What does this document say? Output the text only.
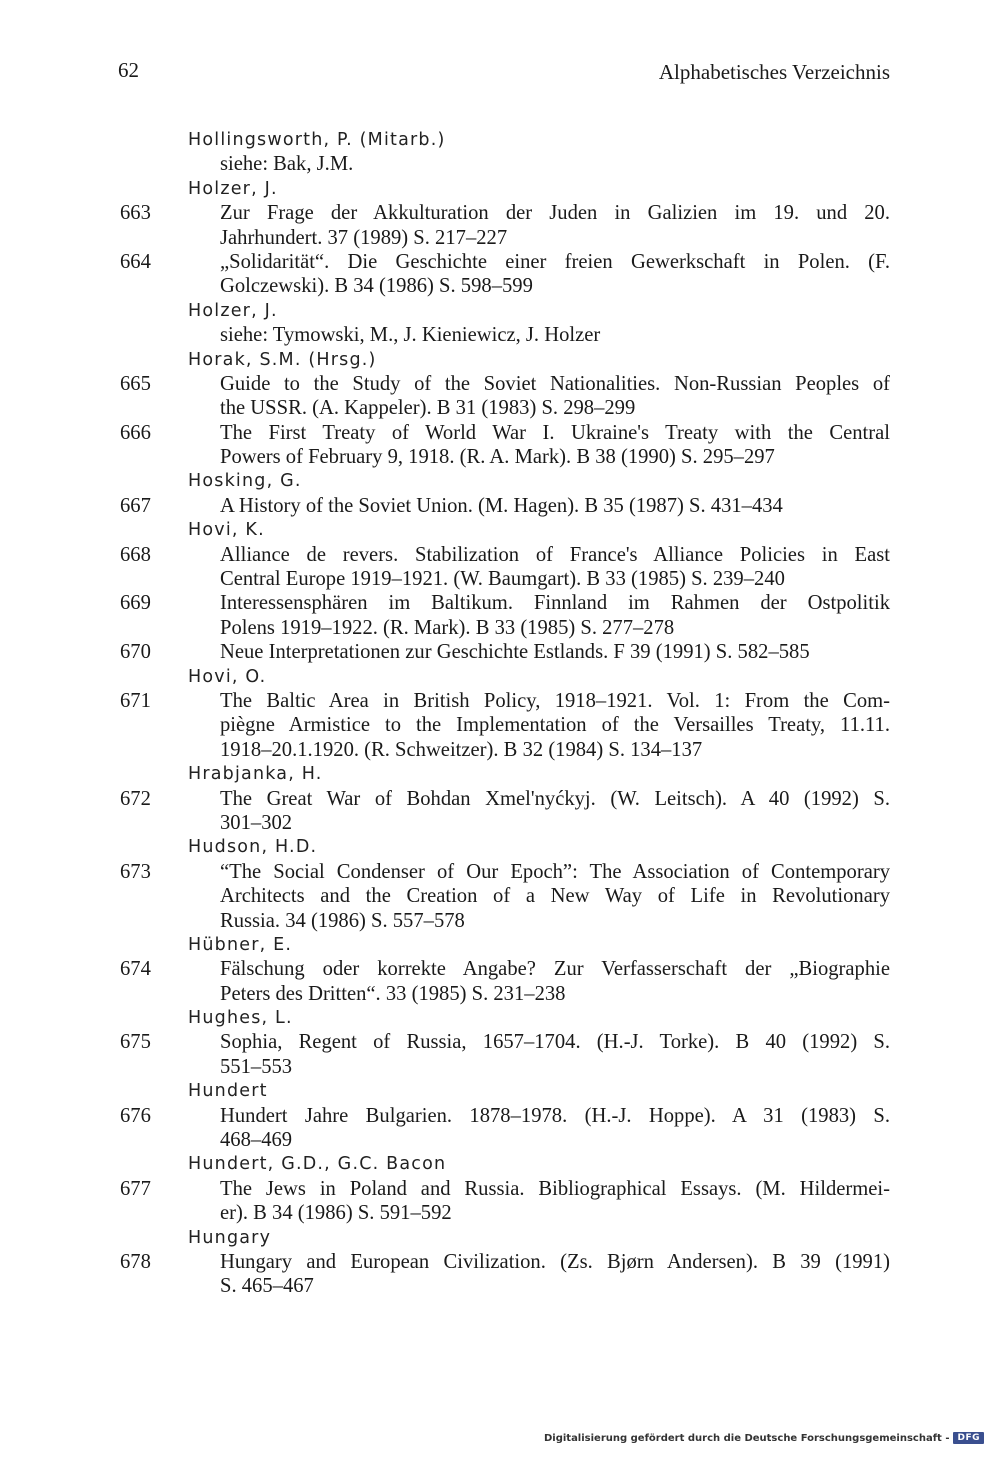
62	Alphabetisches Verzeichnis
Hollingsworth, P. (Mitarb.)
siehe: Bak, J.M.
Holzer, J.
663	Zur Frage der Akkulturation der Juden in Galizien im 19. und 20.
Jahrhundert. 37 (1989) S. 217–227
664	„Solidarität“. Die Geschichte einer freien Gewerkschaft in Polen. (F.
Golczewski). B 34 (1986) S. 598–599
Holzer, J.
siehe: Tymowski, M., J. Kieniewicz, J. Holzer
Horak, S.M. (Hrsg.)
665	Guide to the Study of the Soviet Nationalities. Non-Russian Peoples of
the USSR. (A. Kappeler). B 31 (1983) S. 298–299
666	The First Treaty of World War I. Ukraine's Treaty with the Central
Powers of February 9, 1918. (R. A. Mark). B 38 (1990) S. 295–297
Hosking, G.
667	A History of the Soviet Union. (M. Hagen). B 35 (1987) S. 431–434
Hovi, K.
668	Alliance de revers. Stabilization of France's Alliance Policies in East
Central Europe 1919–1921. (W. Baumgart). B 33 (1985) S. 239–240
669	Interessensphären im Baltikum. Finnland im Rahmen der Ostpolitik
Polens 1919–1922. (R. Mark). B 33 (1985) S. 277–278
670	Neue Interpretationen zur Geschichte Estlands. F 39 (1991) S. 582–585
Hovi, O.
671	The Baltic Area in British Policy, 1918–1921. Vol. 1: From the Com-
piègne Armistice to the Implementation of the Versailles Treaty, 11.11.
1918–20.1.1920. (R. Schweitzer). B 32 (1984) S. 134–137
Hrabjanka, H.
672	The Great War of Bohdan Xmel'nyćkyj. (W. Leitsch). A 40 (1992) S.
301–302
Hudson, H.D.
673	“The Social Condenser of Our Epoch”: The Association of Contemporary
Architects and the Creation of a New Way of Life in Revolutionary
Russia. 34 (1986) S. 557–578
Hübner, E.
674	Fälschung oder korrekte Angabe? Zur Verfasserschaft der „Biographie
Peters des Dritten“. 33 (1985) S. 231–238
Hughes, L.
675	Sophia, Regent of Russia, 1657–1704. (H.-J. Torke). B 40 (1992) S.
551–553
Hundert
676	Hundert Jahre Bulgarien. 1878–1978. (H.-J. Hoppe). A 31 (1983) S.
468–469
Hundert, G.D., G.C. Bacon
677	The Jews in Poland and Russia. Bibliographical Essays. (M. Hildermei-
er). B 34 (1986) S. 591–592
Hungary
678	Hungary and European Civilization. (Zs. Bjørn Andersen). B 39 (1991)
S. 465–467
Digitalisierung gefördert durch die Deutsche Forschungsgemeinschaft - DFG
